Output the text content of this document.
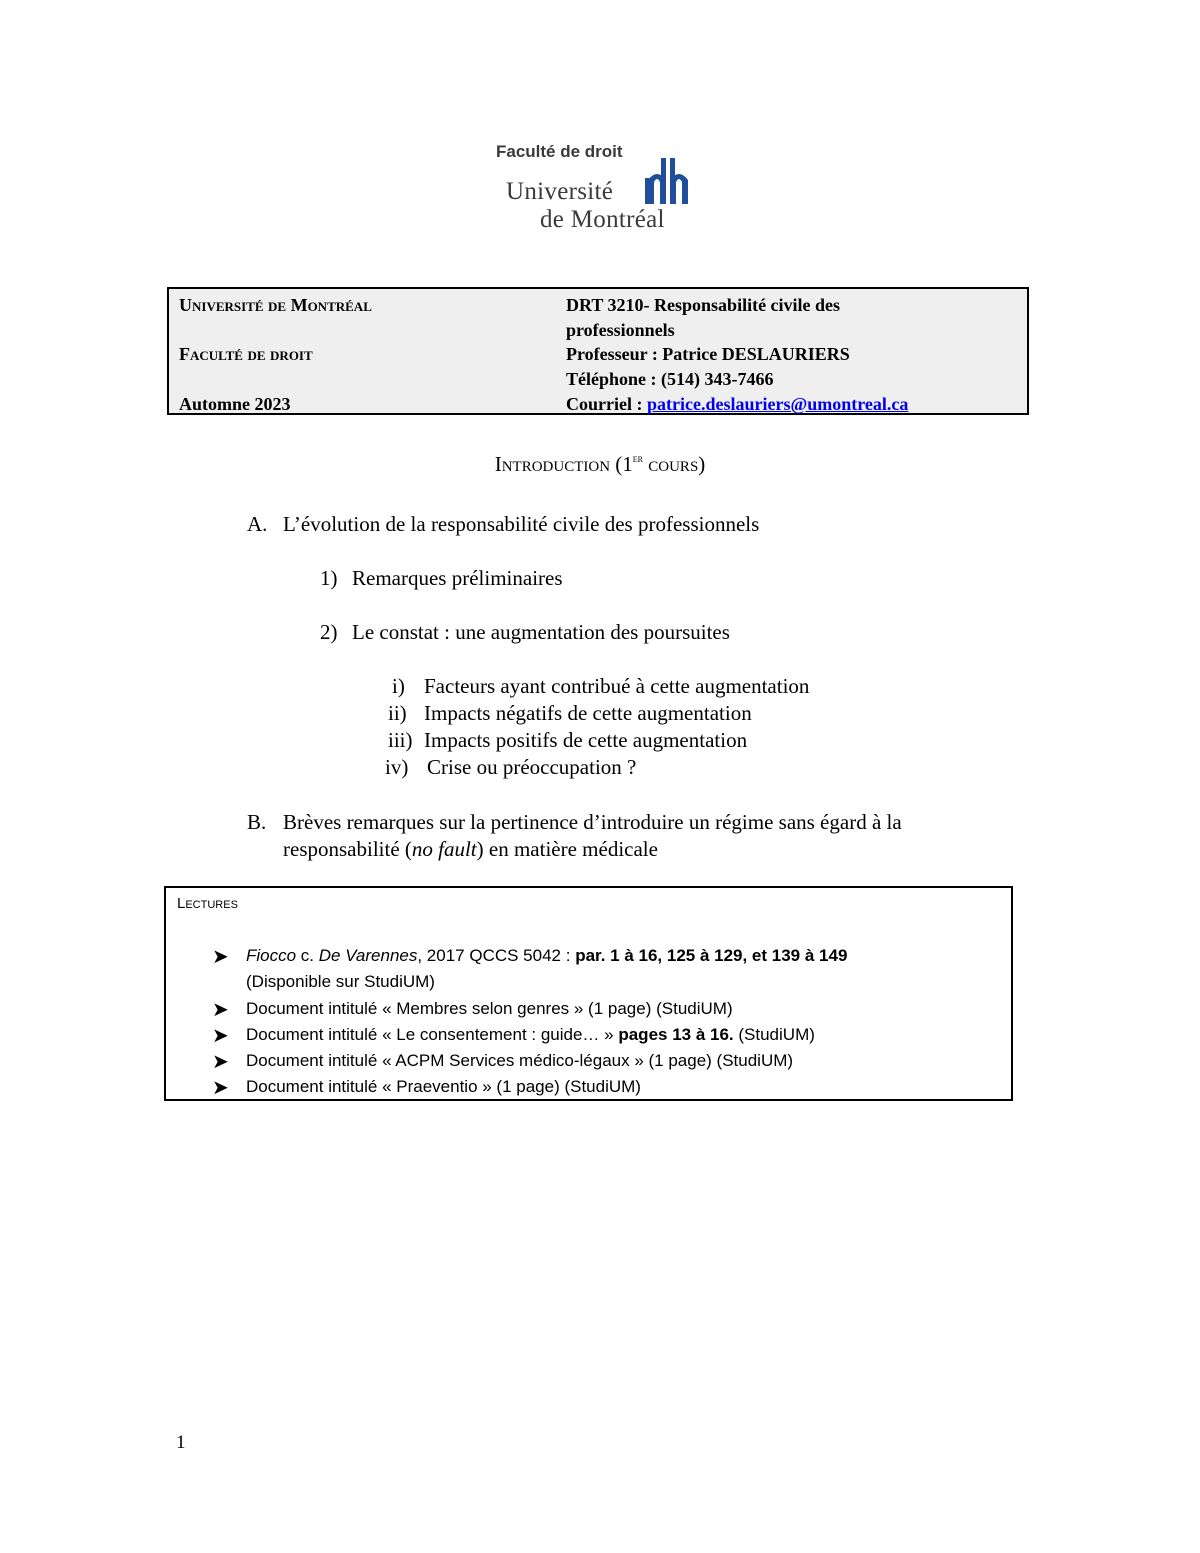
Faculté de droit
Université
de Montréal
Université de Montréal
Faculté de droit
Automne 2023
DRT 3210- Responsabilité civile des
professionnels
Professeur : Patrice DESLAURIERS
Téléphone : (514) 343-7466
Courriel : patrice.deslauriers@umontreal.ca
Introduction (1er cours)
A. L’évolution de la responsabilité civile des professionnels
1) Remarques préliminaires
2) Le constat : une augmentation des poursuites
i) Facteurs ayant contribué à cette augmentation
ii) Impacts négatifs de cette augmentation
iii) Impacts positifs de cette augmentation
iv) Crise ou préoccupation ?
B. Brèves remarques sur la pertinence d’introduire un régime sans égard à la
responsabilité (no fault) en matière médicale
Lectures
➤ Fiocco c. De Varennes, 2017 QCCS 5042 : par. 1 à 16, 125 à 129, et 139 à 149
(Disponible sur StudiUM)
➤ Document intitulé « Membres selon genres » (1 page) (StudiUM)
➤ Document intitulé « Le consentement : guide… » pages 13 à 16. (StudiUM)
➤ Document intitulé « ACPM Services médico-légaux » (1 page) (StudiUM)
➤ Document intitulé « Praeventio » (1 page) (StudiUM)
1
